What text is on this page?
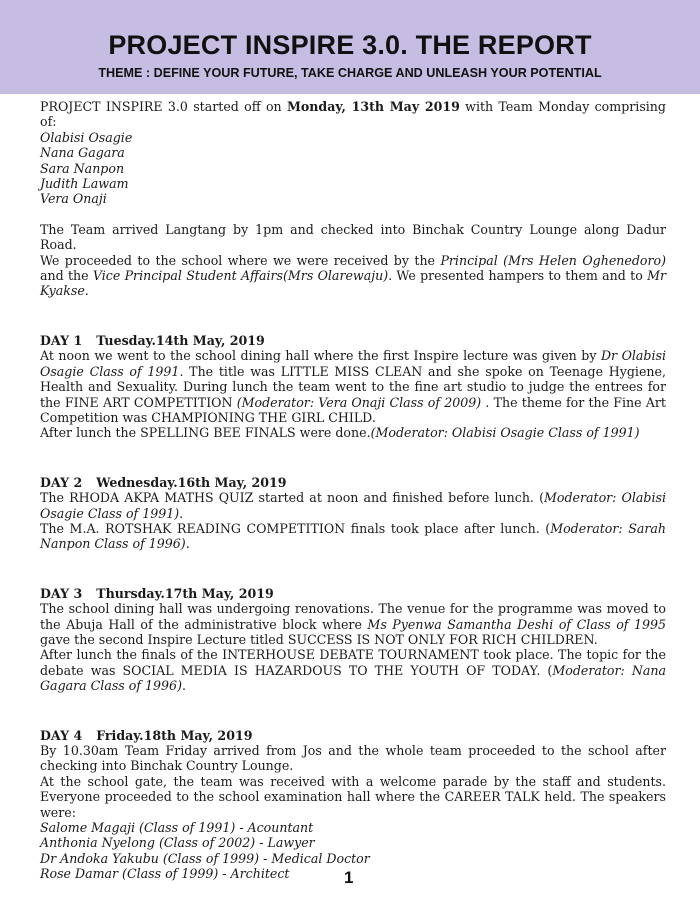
PROJECT INSPIRE 3.0. THE REPORT
THEME : DEFINE YOUR FUTURE, TAKE CHARGE AND UNLEASH YOUR POTENTIAL

PROJECT INSPIRE 3.0 started off on Monday, 13th May 2019 with Team Monday comprising of:

Olabisi Osagie
Nana Gagara
Sara Nanpon
Judith Lawam
Vera Onaji

The Team arrived Langtang by 1pm and checked into Binchak Country Lounge along Dadur Road.

We proceeded to the school where we were received by the Principal (Mrs Helen Oghenedoro) and the Vice Principal Student Affairs(Mrs Olarewaju). We presented hampers to them and to Mr Kyakse.

DAY 1 Tuesday.14th May, 2019

At noon we went to the school dining hall where the first Inspire lecture was given by Dr Olabisi Osagie Class of 1991. The title was LITTLE MISS CLEAN and she spoke on Teenage Hygiene, Health and Sexuality. During lunch the team went to the fine art studio to judge the entrees for the FINE ART COMPETITION (Moderator: Vera Onaji Class of 2009) . The theme for the Fine Art Competition was CHAMPIONING THE GIRL CHILD.

After lunch the SPELLING BEE FINALS were done.(Moderator: Olabisi Osagie Class of 1991)

DAY 2 Wednesday.16th May, 2019

The RHODA AKPA MATHS QUIZ started at noon and finished before lunch. (Moderator: Olabisi Osagie Class of 1991).

The M.A. ROTSHAK READING COMPETITION finals took place after lunch. (Moderator: Sarah Nanpon Class of 1996).

DAY 3 Thursday.17th May, 2019

The school dining hall was undergoing renovations. The venue for the programme was moved to the Abuja Hall of the administrative block where Ms Pyenwa Samantha Deshi of Class of 1995 gave the second Inspire Lecture titled SUCCESS IS NOT ONLY FOR RICH CHILDREN.

After lunch the finals of the INTERHOUSE DEBATE TOURNAMENT took place. The topic for the debate was SOCIAL MEDIA IS HAZARDOUS TO THE YOUTH OF TODAY. (Moderator: Nana Gagara Class of 1996).

DAY 4 Friday.18th May, 2019

By 10.30am Team Friday arrived from Jos and the whole team proceeded to the school after checking into Binchak Country Lounge.

At the school gate, the team was received with a welcome parade by the staff and students. Everyone proceeded to the school examination hall where the CAREER TALK held. The speakers were:

Salome Magaji (Class of 1991) - Acountant
Anthonia Nyelong (Class of 2002) - Lawyer
Dr Andoka Yakubu (Class of 1999) - Medical Doctor
Rose Damar (Class of 1999) - Architect	1
